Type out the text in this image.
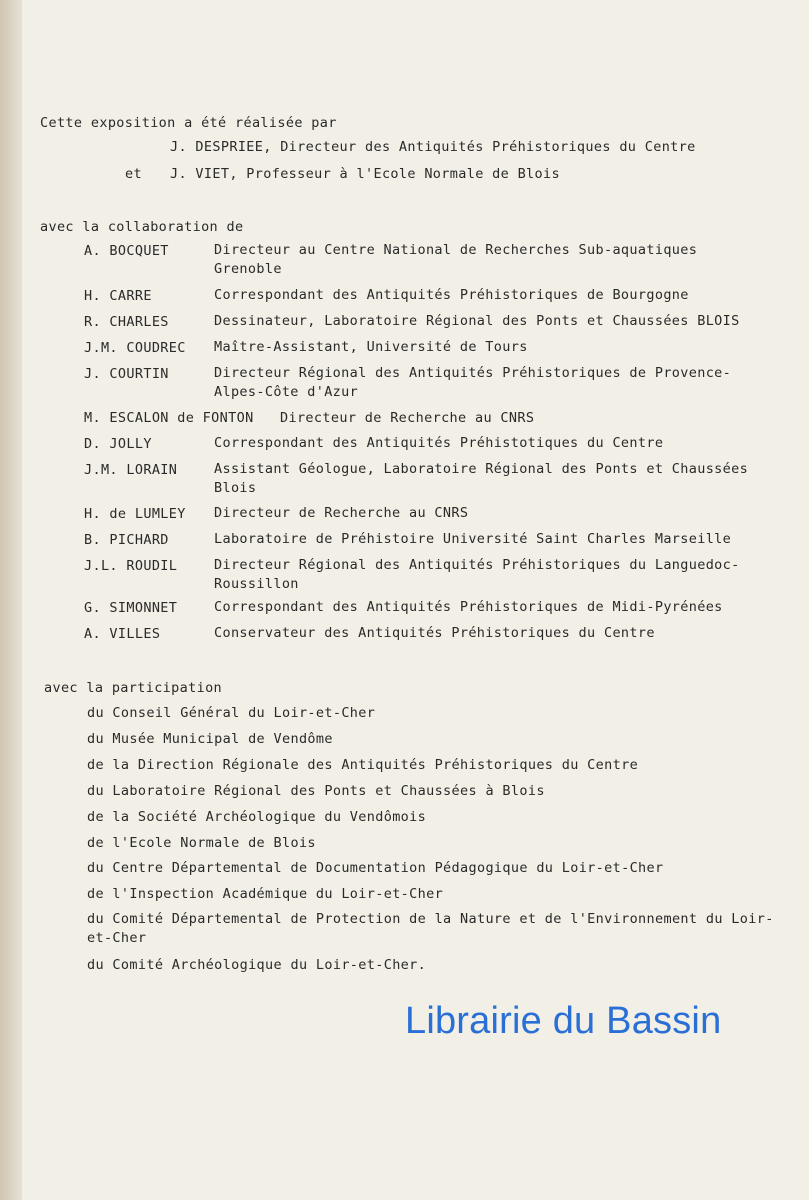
Cette exposition a été réalisée par
J. DESPRIEE, Directeur des Antiquités Préhistoriques du Centre
et J. VIET, Professeur à l'Ecole Normale de Blois
avec la collaboration de
A. BOCQUET	Directeur au Centre National de Recherches Sub-aquatiques Grenoble
H. CARRE	Correspondant des Antiquités Préhistoriques de Bourgogne
R. CHARLES	Dessinateur, Laboratoire Régional des Ponts et Chaussées BLOIS
J.M. COUDREC Maître-Assistant, Université de Tours
J. COURTIN	Directeur Régional des Antiquités Préhistoriques de Provence-Alpes-Côte d'Azur
M. ESCALON de FONTON Directeur de Recherche au CNRS
D. JOLLY	Correspondant des Antiquités Préhistotiques du Centre
J.M. LORAIN	Assistant Géologue, Laboratoire Régional des Ponts et Chaussées Blois
H. de LUMLEY Directeur de Recherche au CNRS
B. PICHARD	Laboratoire de Préhistoire Université Saint Charles Marseille
J.L. ROUDIL	Directeur Régional des Antiquités Préhistoriques du Languedoc-Roussillon
G. SIMONNET	Correspondant des Antiquités Préhistoriques de Midi-Pyrénées
A. VILLES	Conservateur des Antiquités Préhistoriques du Centre
avec la participation
du Conseil Général du Loir-et-Cher
du Musée Municipal de Vendôme
de la Direction Régionale des Antiquités Préhistoriques du Centre
du Laboratoire Régional des Ponts et Chaussées à Blois
de la Société Archéologique du Vendômois
de l'Ecole Normale de Blois
du Centre Départemental de Documentation Pédagogique du Loir-et-Cher
de l'Inspection Académique du Loir-et-Cher
du Comité Départemental de Protection de la Nature et de l'Environnement du Loir-et-Cher
du Comité Archéologique du Loir-et-Cher.
Librairie du Bassin
